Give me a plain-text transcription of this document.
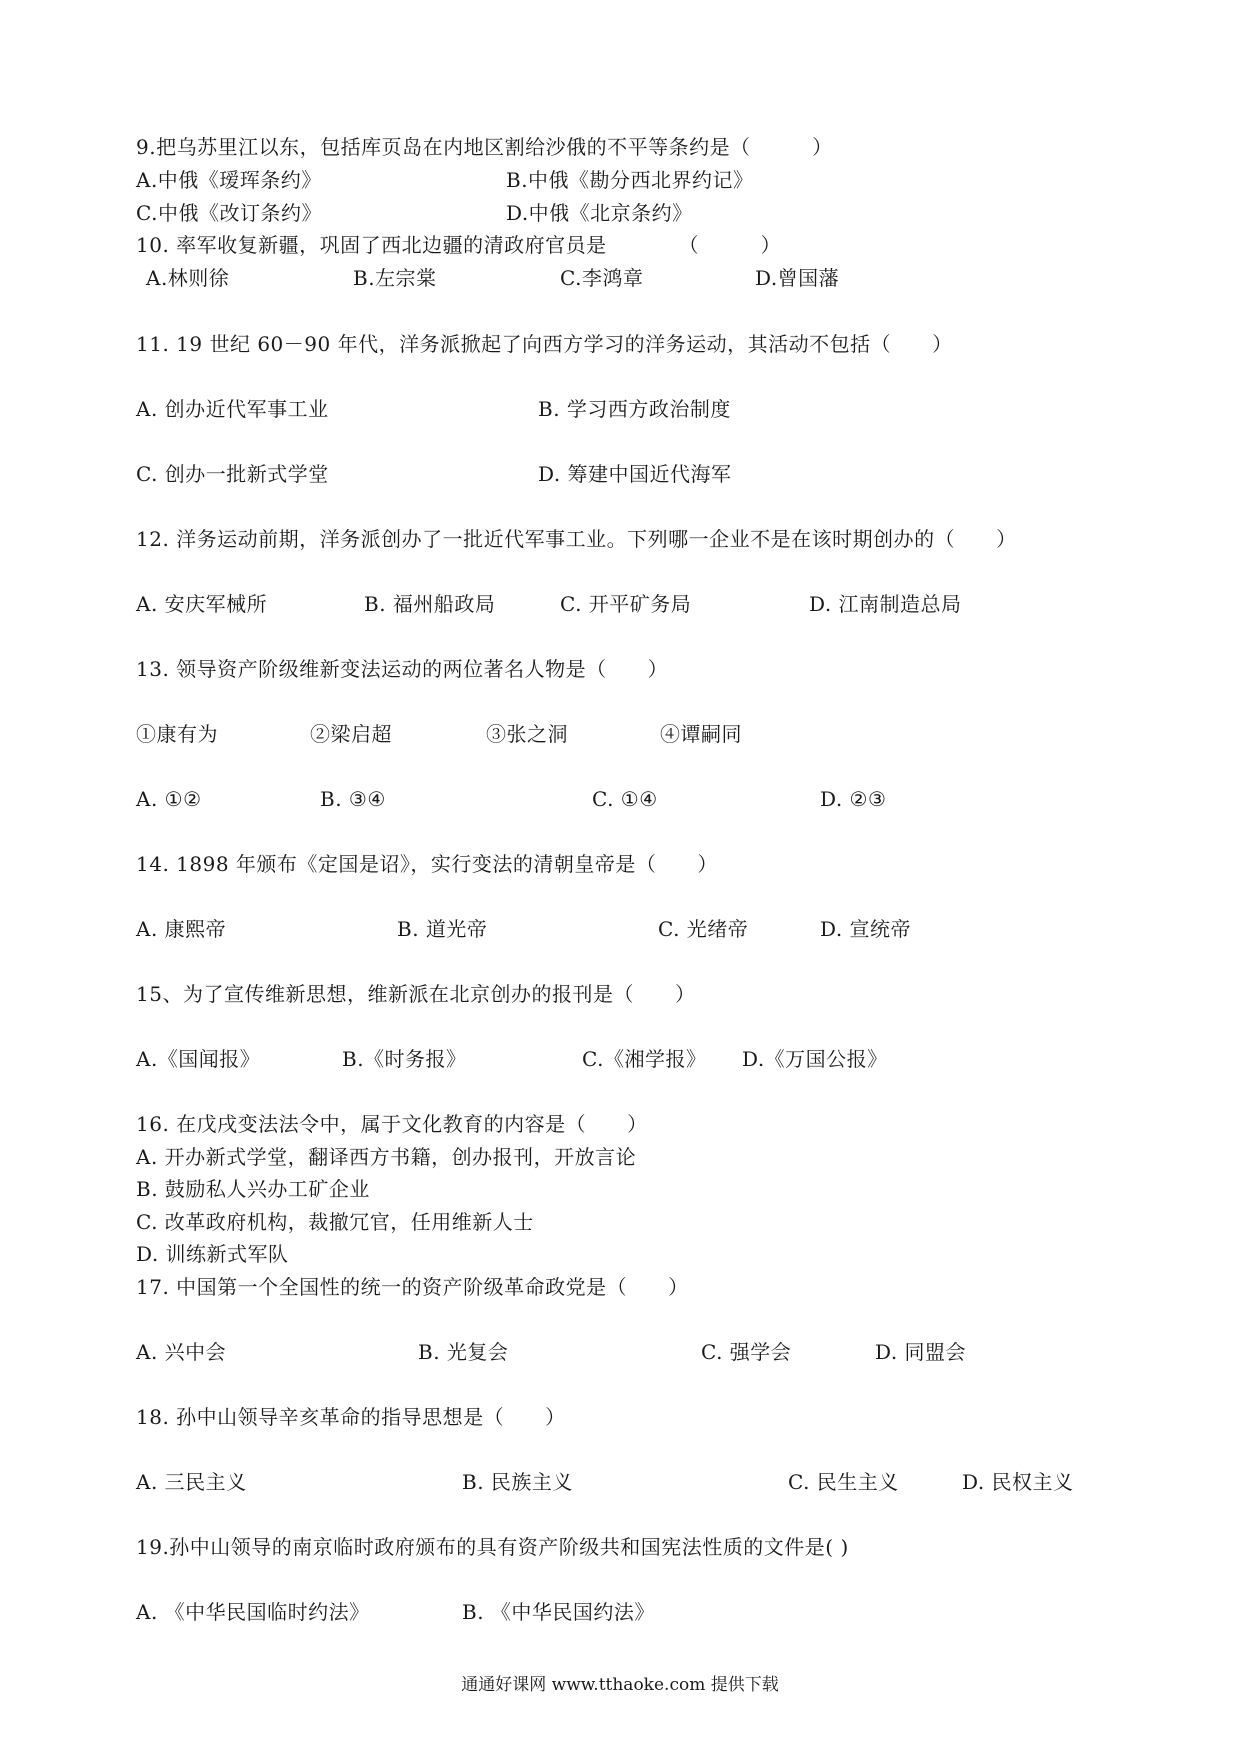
9.把乌苏里江以东，包括库页岛在内地区割给沙俄的不平等条约是（　　　）
A.中俄《瑷珲条约》	B.中俄《勘分西北界约记》
C.中俄《改订条约》	D.中俄《北京条约》
10. 率军收复新疆，巩固了西北边疆的清政府官员是　　　　（　　　）
A.林则徐	B.左宗棠	C.李鸿章	D.曾国藩
11. 19 世纪 60－90 年代，洋务派掀起了向西方学习的洋务运动，其活动不包括（　　）
A. 创办近代军事工业	B. 学习西方政治制度
C. 创办一批新式学堂	D. 筹建中国近代海军
12. 洋务运动前期，洋务派创办了一批近代军事工业。下列哪一企业不是在该时期创办的（　　）
A. 安庆军械所	B. 福州船政局	C. 开平矿务局	D. 江南制造总局
13. 领导资产阶级维新变法运动的两位著名人物是（　　）
①康有为	②梁启超	③张之洞	④谭嗣同
A. ①②	B. ③④	C. ①④	D. ②③
14. 1898 年颁布《定国是诏》，实行变法的清朝皇帝是（　　）
A. 康熙帝	B. 道光帝	C. 光绪帝	D. 宣统帝
15、为了宣传维新思想，维新派在北京创办的报刊是（　　）
A.《国闻报》	B.《时务报》	C.《湘学报》 D.《万国公报》
16. 在戊戌变法法令中，属于文化教育的内容是（　　）
A. 开办新式学堂，翻译西方书籍，创办报刊，开放言论
B. 鼓励私人兴办工矿企业
C. 改革政府机构，裁撤冗官，任用维新人士
D. 训练新式军队
17. 中国第一个全国性的统一的资产阶级革命政党是（　　）
A. 兴中会	B. 光复会	C. 强学会	D. 同盟会
18. 孙中山领导辛亥革命的指导思想是（　　）
A. 三民主义	B. 民族主义	C. 民生主义	D. 民权主义
19.孙中山领导的南京临时政府颁布的具有资产阶级共和国宪法性质的文件是( )
A. 《中华民国临时约法》	B. 《中华民国约法》
通通好课网 www.tthaoke.com 提供下载
